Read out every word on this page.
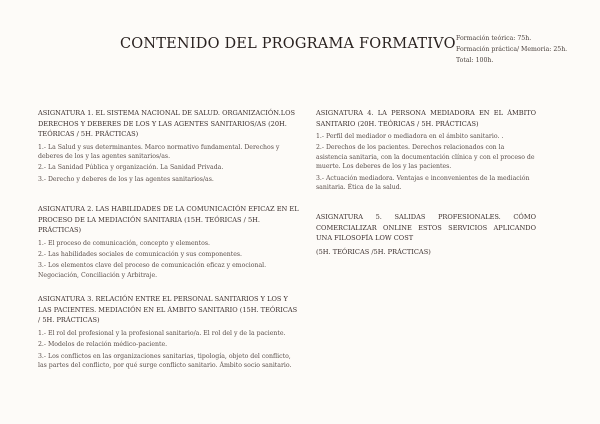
CONTENIDO DEL PROGRAMA FORMATIVO Formación teórica: 75h.
Formación práctica/ Memoria: 25h.
Total: 100h.
ASIGNATURA 1. EL SISTEMA NACIONAL DE SALUD. ORGANIZACIÓN.LOS DERECHOS Y DEBERES DE LOS Y LAS AGENTES SANITARIOS/AS (20H. TEÓRICAS / 5H. PRÁCTICAS)
1.- La Salud y sus determinantes. Marco normativo fundamental. Derechos y deberes de los y las agentes sanitarios/as.
2.- La Sanidad Pública y organización. La Sanidad Privada.
3.- Derecho y deberes de los y las agentes sanitarios/as.
ASIGNATURA 2. LAS HABILIDADES DE LA COMUNICACIÓN EFICAZ EN EL PROCESO DE LA MEDIACIÓN SANITARIA (15H. TEÓRICAS / 5H. PRÁCTICAS)
1.- El proceso de comunicación, concepto y elementos.
2.- Las habilidades sociales de comunicación y sus componentes.
3.- Los elementos clave del proceso de comunicación eficaz y emocional. Negociación, Conciliación y Arbitraje.
ASIGNATURA 3. RELACIÓN ENTRE EL PERSONAL SANITARIOS Y LOS Y LAS PACIENTES. MEDIACIÓN EN EL ÁMBITO SANITARIO (15H. TEÓRICAS / 5H. PRÁCTICAS)
1.- El rol del profesional y la profesional sanitario/a. El rol del y de la paciente.
2.- Modelos de relación médico-paciente.
3.- Los conflictos en las organizaciones sanitarias, tipología, objeto del conflicto, las partes del conflicto, por qué surge conflicto sanitario. Ámbito socio sanitario.
ASIGNATURA 4. LA PERSONA MEDIADORA EN EL ÁMBITO SANITARIO (20H. TEÓRICAS / 5H. PRÁCTICAS)
1.- Perfil del mediador o mediadora en el ámbito sanitario. .
2.- Derechos de los pacientes. Derechos relacionados con la asistencia sanitaria, con la documentación clínica y con el proceso de muerte. Los deberes de los y las pacientes.
3.- Actuación mediadora. Ventajas e inconvenientes de la mediación sanitaria. Ética de la salud.
ASIGNATURA 5. SALIDAS PROFESIONALES. CÓMO COMERCIALIZAR ONLINE ESTOS SERVICIOS APLICANDO UNA FILOSOFÍA LOW COST
(5H. TEÓRICAS /5H. PRÁCTICAS)
